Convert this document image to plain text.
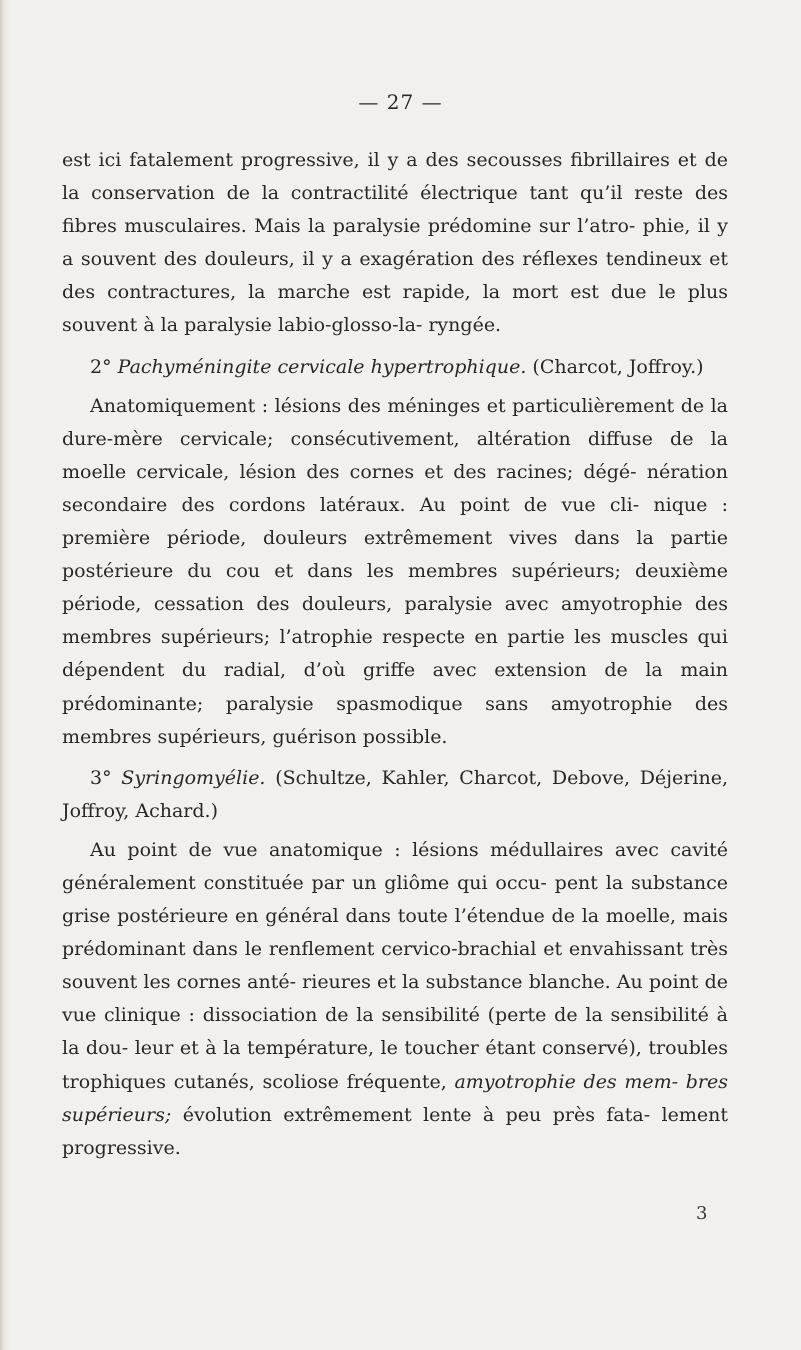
— 27 —

est ici fatalement progressive, il y a des secousses fibrillaires et de la conservation de la contractilité électrique tant qu’il reste des fibres musculaires. Mais la paralysie prédomine sur l’atro- phie, il y a souvent des douleurs, il y a exagération des réflexes tendineux et des contractures, la marche est rapide, la mort est due le plus souvent à la paralysie labio-glosso-la- ryngée.

2° Pachyméningite cervicale hypertrophique. (Charcot, Joffroy.)

Anatomiquement : lésions des méninges et particulièrement de la dure-mère cervicale; consécutivement, altération diffuse de la moelle cervicale, lésion des cornes et des racines; dégé- nération secondaire des cordons latéraux. Au point de vue cli- nique : première période, douleurs extrêmement vives dans la partie postérieure du cou et dans les membres supérieurs; deuxième période, cessation des douleurs, paralysie avec amyotrophie des membres supérieurs; l’atrophie respecte en partie les muscles qui dépendent du radial, d’où griffe avec extension de la main prédominante; paralysie spasmodique sans amyotrophie des membres supérieurs, guérison possible.

3° Syringomyélie. (Schultze, Kahler, Charcot, Debove, Déjerine, Joffroy, Achard.)

Au point de vue anatomique : lésions médullaires avec cavité généralement constituée par un gliôme qui occu- pent la substance grise postérieure en général dans toute l’étendue de la moelle, mais prédominant dans le renflement cervico-brachial et envahissant très souvent les cornes anté- rieures et la substance blanche. Au point de vue clinique : dissociation de la sensibilité (perte de la sensibilité à la dou- leur et à la température, le toucher étant conservé), troubles trophiques cutanés, scoliose fréquente, amyotrophie des mem- bres supérieurs; évolution extrêmement lente à peu près fata- lement progressive.

3
